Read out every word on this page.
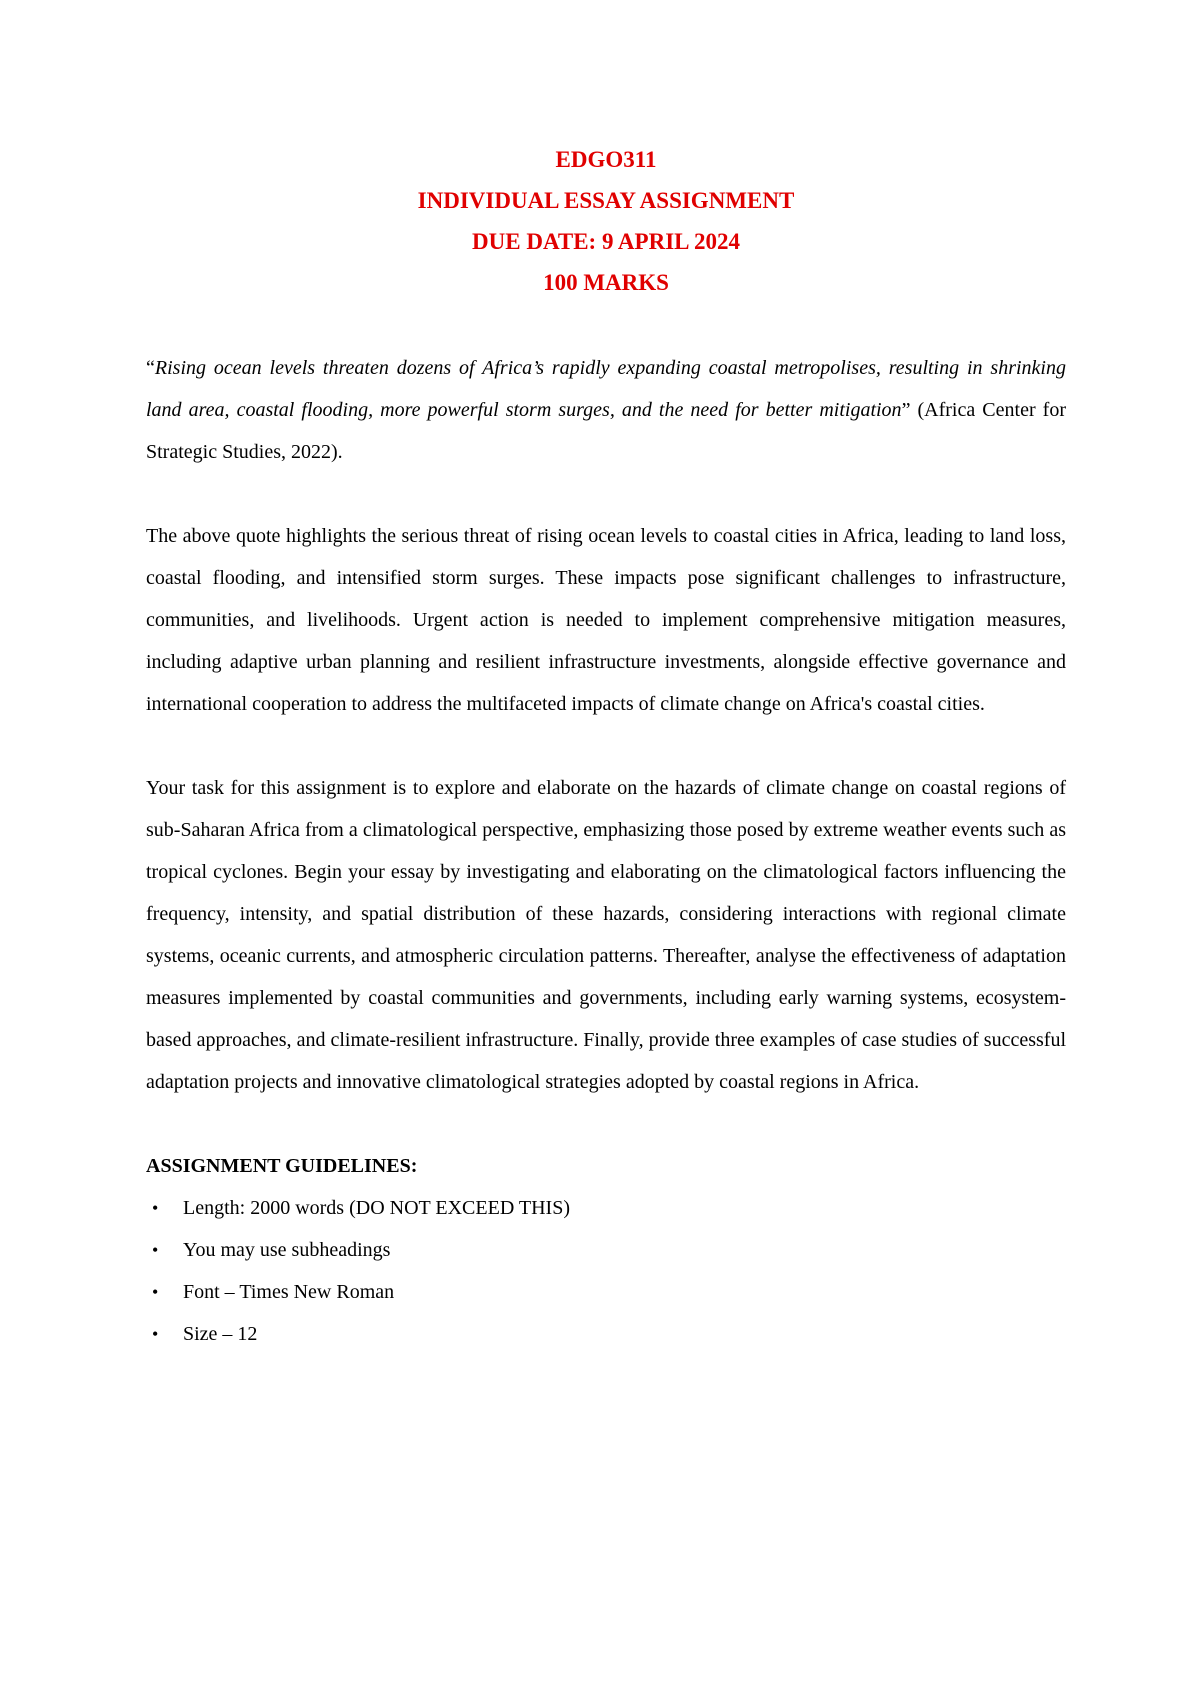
EDGO311

INDIVIDUAL ESSAY ASSIGNMENT

DUE DATE: 9 APRIL 2024

100 MARKS

“Rising ocean levels threaten dozens of Africa’s rapidly expanding coastal metropolises, resulting in shrinking land area, coastal flooding, more powerful storm surges, and the need for better mitigation” (Africa Center for Strategic Studies, 2022).

The above quote highlights the serious threat of rising ocean levels to coastal cities in Africa, leading to land loss, coastal flooding, and intensified storm surges. These impacts pose significant challenges to infrastructure, communities, and livelihoods. Urgent action is needed to implement comprehensive mitigation measures, including adaptive urban planning and resilient infrastructure investments, alongside effective governance and international cooperation to address the multifaceted impacts of climate change on Africa's coastal cities.

Your task for this assignment is to explore and elaborate on the hazards of climate change on coastal regions of sub-Saharan Africa from a climatological perspective, emphasizing those posed by extreme weather events such as tropical cyclones. Begin your essay by investigating and elaborating on the climatological factors influencing the frequency, intensity, and spatial distribution of these hazards, considering interactions with regional climate systems, oceanic currents, and atmospheric circulation patterns. Thereafter, analyse the effectiveness of adaptation measures implemented by coastal communities and governments, including early warning systems, ecosystem-based approaches, and climate-resilient infrastructure. Finally, provide three examples of case studies of successful adaptation projects and innovative climatological strategies adopted by coastal regions in Africa.

ASSIGNMENT GUIDELINES:

• Length: 2000 words (DO NOT EXCEED THIS)
• You may use subheadings
• Font – Times New Roman
• Size – 12
